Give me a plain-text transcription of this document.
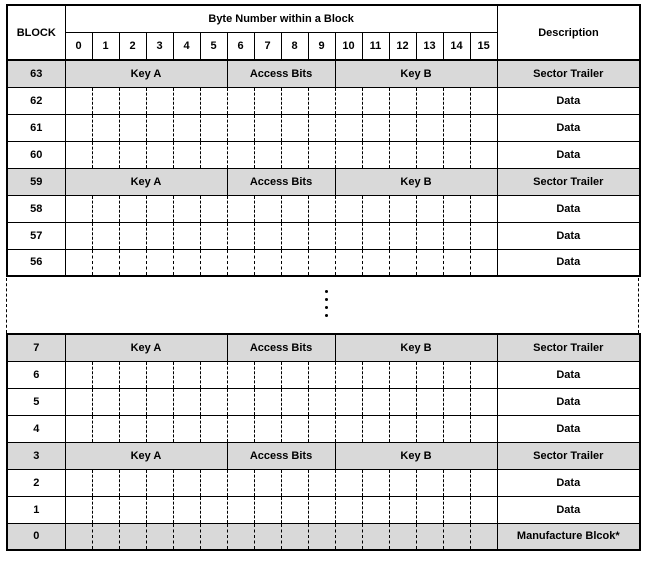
BLOCK	Byte Number within a Block																Description
	0	1	2	3	4	5	6	7	8	9	10	11	12	13	14	15	
63	Key A						Access Bits				Key B						Sector Trailer
62																	Data
61																	Data
60																	Data
59	Key A						Access Bits				Key B						Sector Trailer
58																	Data
57																	Data
56																	Data
7	Key A						Access Bits				Key B						Sector Trailer
6																	Data
5																	Data
4																	Data
3	Key A						Access Bits				Key B						Sector Trailer
2																	Data
1																	Data
0																	Manufacture Blcok*
